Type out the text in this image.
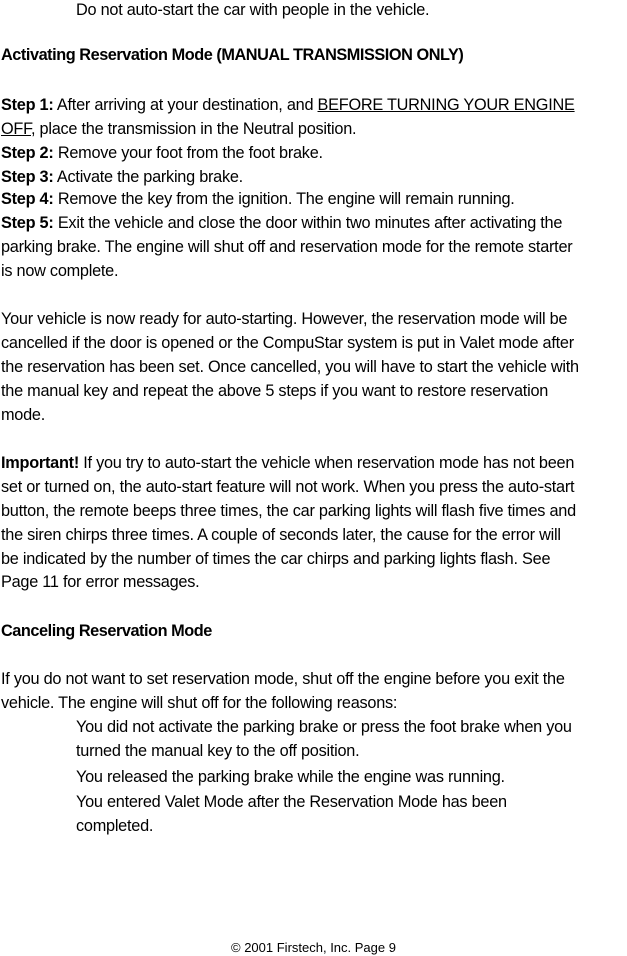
Do not auto-start the car with people in the vehicle.
Activating Reservation Mode (MANUAL TRANSMISSION ONLY)
Step 1: After arriving at your destination, and BEFORE TURNING YOUR ENGINE
OFF, place the transmission in the Neutral position.
Step 2: Remove your foot from the foot brake.
Step 3: Activate the parking brake.
Step 4: Remove the key from the ignition. The engine will remain running.
Step 5: Exit the vehicle and close the door within two minutes after activating the
parking brake. The engine will shut off and reservation mode for the remote starter
is now complete.
Your vehicle is now ready for auto-starting. However, the reservation mode will be
cancelled if the door is opened or the CompuStar system is put in Valet mode after
the reservation has been set. Once cancelled, you will have to start the vehicle with
the manual key and repeat the above 5 steps if you want to restore reservation
mode.
Important! If you try to auto-start the vehicle when reservation mode has not been
set or turned on, the auto-start feature will not work. When you press the auto-start
button, the remote beeps three times, the car parking lights will flash five times and
the siren chirps three times. A couple of seconds later, the cause for the error will
be indicated by the number of times the car chirps and parking lights flash. See
Page 11 for error messages.
Canceling Reservation Mode
If you do not want to set reservation mode, shut off the engine before you exit the
vehicle. The engine will shut off for the following reasons:
You did not activate the parking brake or press the foot brake when you
turned the manual key to the off position.
You released the parking brake while the engine was running.
You entered Valet Mode after the Reservation Mode has been
completed.
© 2001 Firstech, Inc. Page 9
